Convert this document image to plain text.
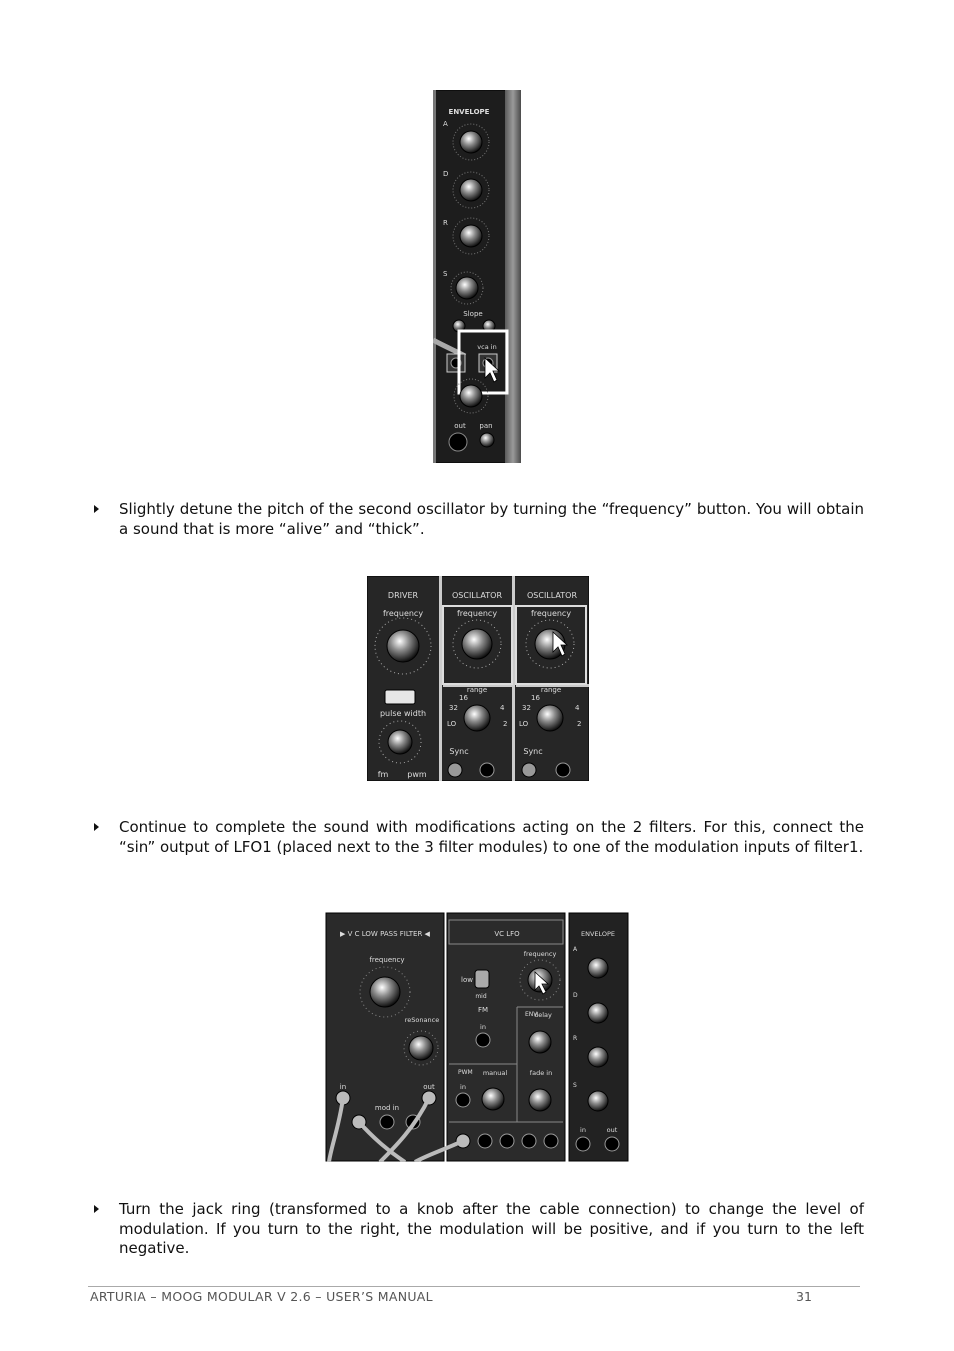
ENVELOPE
A
D
R
S
Slope
vca in
out pan
Slightly detune the pitch of the second oscillator by turning the “frequency” button. You will obtain a sound that is more “alive” and “thick”.
DRIVER
frequency
pulse width
fm pwm
OSCILLATOR
frequency
range
16
32
LO
4
2
Sync
OSCILLATOR
frequency
range
16
32
LO
4
2
Sync
Continue to complete the sound with modifications acting on the 2 filters. For this, connect the “sin” output of LFO1 (placed next to the 3 filter modules) to one of the modulation inputs of filter1.
▶ V C LOW PASS FILTER ◀
frequency
reSonance
in	out
mod in
VC LFO
low
mid
FM
in
frequency
ENV
delay
PWM
in
manual	fade in
ENVELOPE
A
D
R
S
in	out
Turn the jack ring (transformed to a knob after the cable connection) to change the level of modulation. If you turn to the right, the modulation will be positive, and if you turn to the left negative.
ARTURIA – MOOG MODULAR V 2.6 – USER’S MANUAL	31
